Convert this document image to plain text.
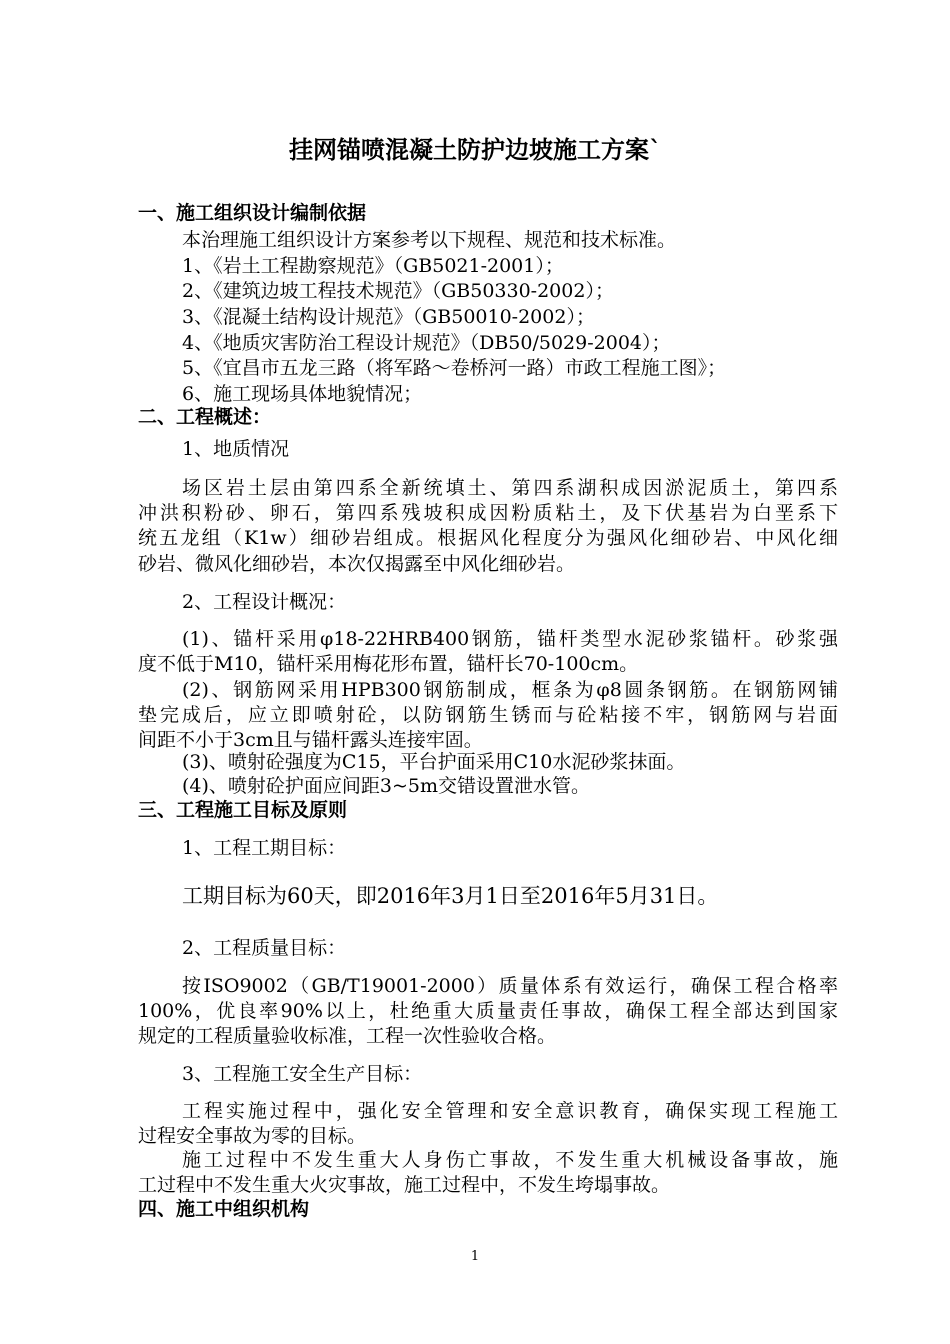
挂网锚喷混凝土防护边坡施工方案`
一、施工组织设计编制依据
本治理施工组织设计方案参考以下规程、规范和技术标准。
1、《岩土工程勘察规范》（GB5021-2001）；
2、《建筑边坡工程技术规范》（GB50330-2002）；
3、《混凝土结构设计规范》（GB50010-2002）；
4、《地质灾害防治工程设计规范》（DB50/5029-2004）；
5、《宜昌市五龙三路（将军路～卷桥河一路）市政工程施工图》；
6、施工现场具体地貌情况；
二、工程概述：
1、地质情况
场区岩土层由第四系全新统填土、第四系湖积成因淤泥质土，第四系
冲洪积粉砂、卵石，第四系残坡积成因粉质粘土，及下伏基岩为白垩系下
统五龙组（K1w）细砂岩组成。根据风化程度分为强风化细砂岩、中风化细
砂岩、微风化细砂岩，本次仅揭露至中风化细砂岩。
2、工程设计概况：
(1)、锚杆采用φ18-22HRB400钢筋，锚杆类型水泥砂浆锚杆。砂浆强
度不低于M10，锚杆采用梅花形布置，锚杆长70-100cm。
(2)、钢筋网采用HPB300钢筋制成，框条为φ8圆条钢筋。在钢筋网铺
垫完成后，应立即喷射砼，以防钢筋生锈而与砼粘接不牢，钢筋网与岩面
间距不小于3cm且与锚杆露头连接牢固。
(3)、喷射砼强度为C15，平台护面采用C10水泥砂浆抹面。
(4)、喷射砼护面应间距3~5m交错设置泄水管。
三、工程施工目标及原则
1、工程工期目标：
工期目标为60天，即2016年3月1日至2016年5月31日。
2、工程质量目标：
按ISO9002（GB/T19001-2000）质量体系有效运行，确保工程合格率
100%，优良率90%以上，杜绝重大质量责任事故，确保工程全部达到国家
规定的工程质量验收标准，工程一次性验收合格。
3、工程施工安全生产目标：
工程实施过程中，强化安全管理和安全意识教育，确保实现工程施工
过程安全事故为零的目标。
施工过程中不发生重大人身伤亡事故，不发生重大机械设备事故，施
工过程中不发生重大火灾事故，施工过程中，不发生垮塌事故。
四、施工中组织机构
1
